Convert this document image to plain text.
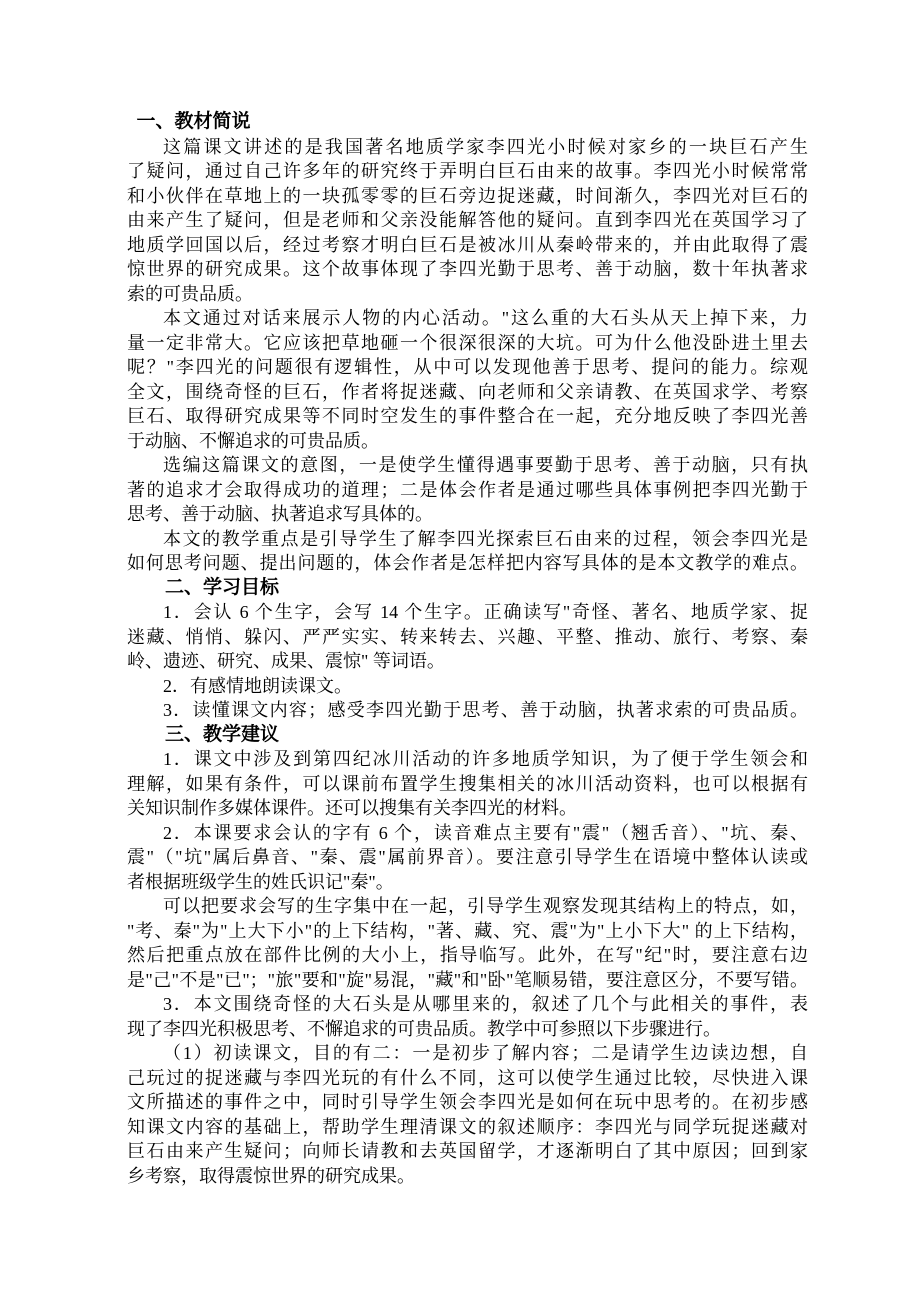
一、教材简说
这篇课文讲述的是我国著名地质学家李四光小时候对家乡的一块巨石产生
了疑问，通过自己许多年的研究终于弄明白巨石由来的故事。李四光小时候常常
和小伙伴在草地上的一块孤零零的巨石旁边捉迷藏，时间渐久，李四光对巨石的
由来产生了疑问，但是老师和父亲没能解答他的疑问。直到李四光在英国学习了
地质学回国以后，经过考察才明白巨石是被冰川从秦岭带来的，并由此取得了震
惊世界的研究成果。这个故事体现了李四光勤于思考、善于动脑，数十年执著求
索的可贵品质。
本文通过对话来展示人物的内心活动。"这么重的大石头从天上掉下来，力
量一定非常大。它应该把草地砸一个很深很深的大坑。可为什么他没卧进土里去
呢？"李四光的问题很有逻辑性，从中可以发现他善于思考、提问的能力。综观
全文，围绕奇怪的巨石，作者将捉迷藏、向老师和父亲请教、在英国求学、考察
巨石、取得研究成果等不同时空发生的事件整合在一起，充分地反映了李四光善
于动脑、不懈追求的可贵品质。
选编这篇课文的意图，一是使学生懂得遇事要勤于思考、善于动脑，只有执
著的追求才会取得成功的道理；二是体会作者是通过哪些具体事例把李四光勤于
思考、善于动脑、执著追求写具体的。
本文的教学重点是引导学生了解李四光探索巨石由来的过程，领会李四光是
如何思考问题、提出问题的，体会作者是怎样把内容写具体的是本文教学的难点。
二、学习目标
1．会认 6 个生字，会写 14 个生字。正确读写"奇怪、著名、地质学家、捉
迷藏、悄悄、躲闪、严严实实、转来转去、兴趣、平整、推动、旅行、考察、秦
岭、遗迹、研究、成果、震惊" 等词语。
2．有感情地朗读课文。
3．读懂课文内容；感受李四光勤于思考、善于动脑，执著求索的可贵品质。
三、教学建议
1．课文中涉及到第四纪冰川活动的许多地质学知识，为了便于学生领会和
理解，如果有条件，可以课前布置学生搜集相关的冰川活动资料，也可以根据有
关知识制作多媒体课件。还可以搜集有关李四光的材料。
2．本课要求会认的字有 6 个，读音难点主要有"震"（翘舌音）、"坑、秦、
震"（"坑"属后鼻音、"秦、震"属前界音）。要注意引导学生在语境中整体认读或
者根据班级学生的姓氏识记"秦"。
可以把要求会写的生字集中在一起，引导学生观察发现其结构上的特点，如，
"考、秦"为"上大下小"的上下结构，"著、藏、究、震"为"上小下大" 的上下结构，
然后把重点放在部件比例的大小上，指导临写。此外，在写"纪"时，要注意右边
是"己"不是"已"；"旅"要和"旋"易混，"藏"和"卧"笔顺易错，要注意区分，不要写错。
3．本文围绕奇怪的大石头是从哪里来的，叙述了几个与此相关的事件，表
现了李四光积极思考、不懈追求的可贵品质。教学中可参照以下步骤进行。
（1）初读课文，目的有二：一是初步了解内容；二是请学生边读边想，自
己玩过的捉迷藏与李四光玩的有什么不同，这可以使学生通过比较，尽快进入课
文所描述的事件之中，同时引导学生领会李四光是如何在玩中思考的。在初步感
知课文内容的基础上，帮助学生理清课文的叙述顺序：李四光与同学玩捉迷藏对
巨石由来产生疑问；向师长请教和去英国留学，才逐渐明白了其中原因；回到家
乡考察，取得震惊世界的研究成果。
